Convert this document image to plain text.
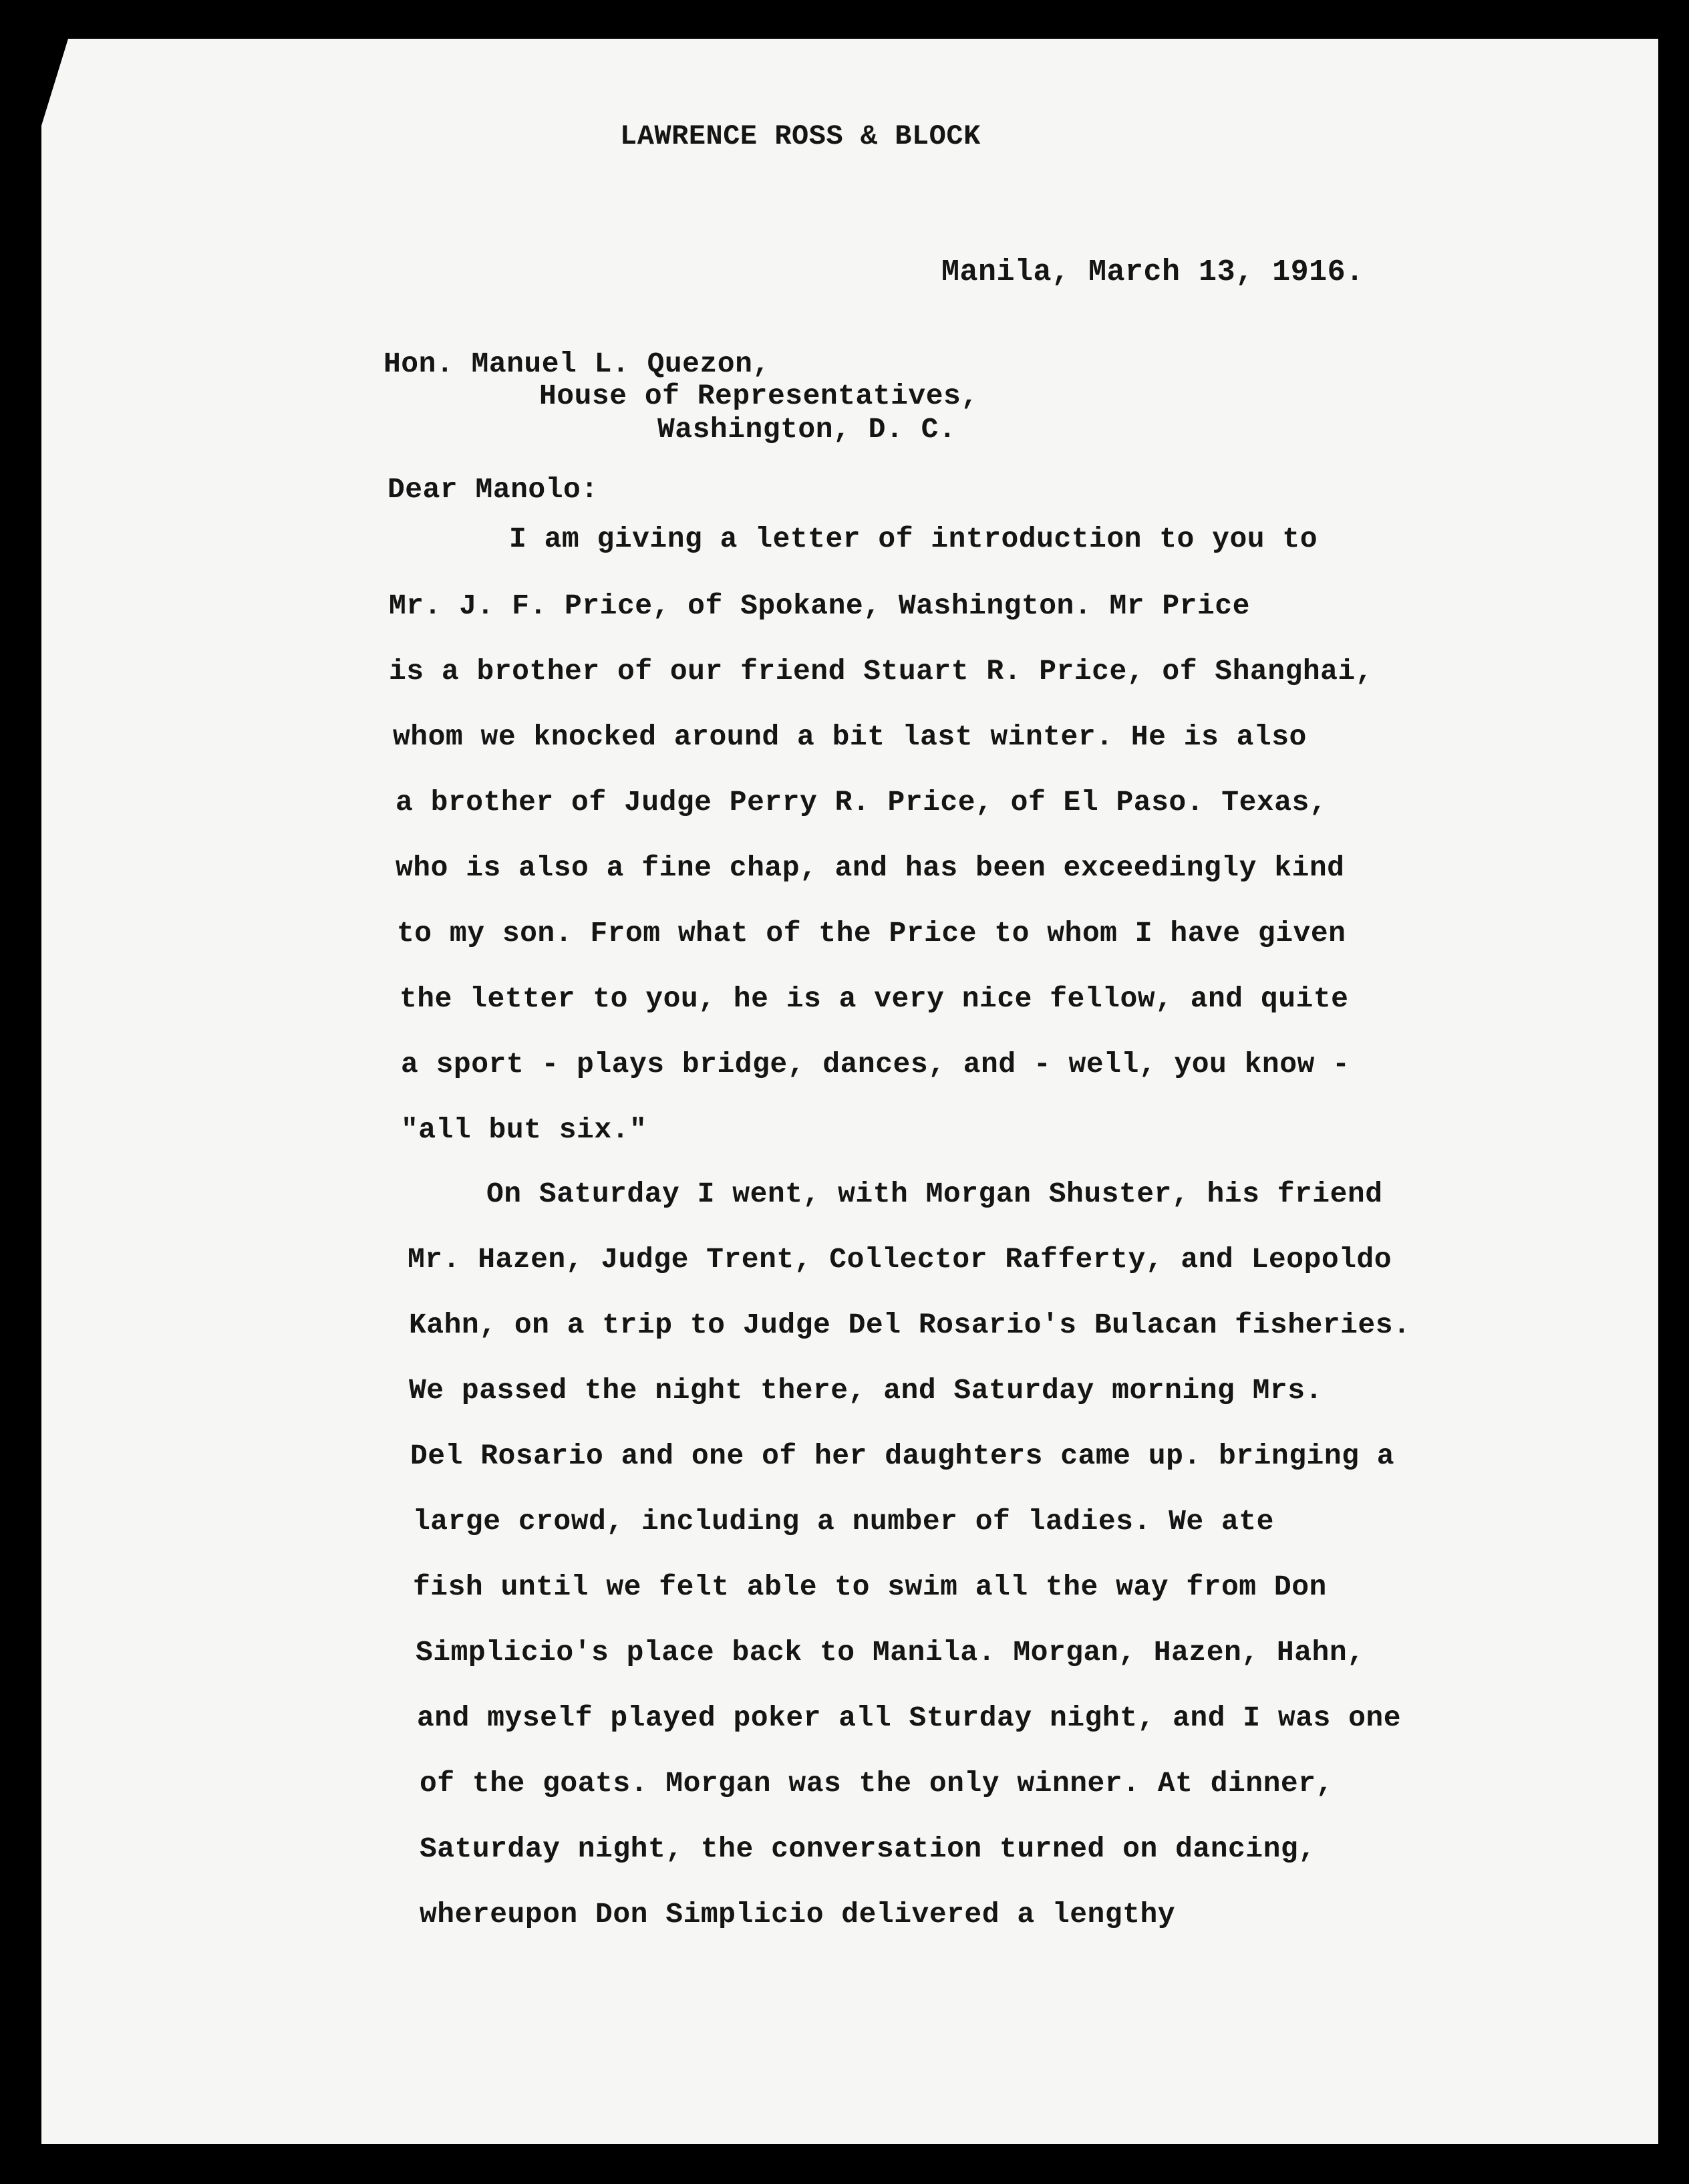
LAWRENCE ROSS & BLOCK
Manila, March 13, 1916.
Hon. Manuel L. Quezon,
House of Representatives,
Washington, D. C.
Dear Manolo:
I am giving a letter of introduction to you to
Mr. J. F. Price, of Spokane, Washington. Mr Price
is a brother of our friend Stuart R. Price, of Shanghai,
whom we knocked around a bit last winter. He is also
a brother of Judge Perry R. Price, of El Paso. Texas,
who is also a fine chap, and has been exceedingly kind
to my son. From what of the Price to whom I have given
the letter to you, he is a very nice fellow, and quite
a sport - plays bridge, dances, and - well, you know -
"all but six."
On Saturday I went, with Morgan Shuster, his friend
Mr. Hazen, Judge Trent, Collector Rafferty, and Leopoldo
Kahn, on a trip to Judge Del Rosario's Bulacan fisheries.
We passed the night there, and Saturday morning Mrs.
Del Rosario and one of her daughters came up. bringing a
large crowd, including a number of ladies. We ate
fish until we felt able to swim all the way from Don
Simplicio's place back to Manila. Morgan, Hazen, Hahn,
and myself played poker all Sturday night, and I was one
of the goats. Morgan was the only winner. At dinner,
Saturday night, the conversation turned on dancing,
whereupon Don Simplicio delivered a lengthy
